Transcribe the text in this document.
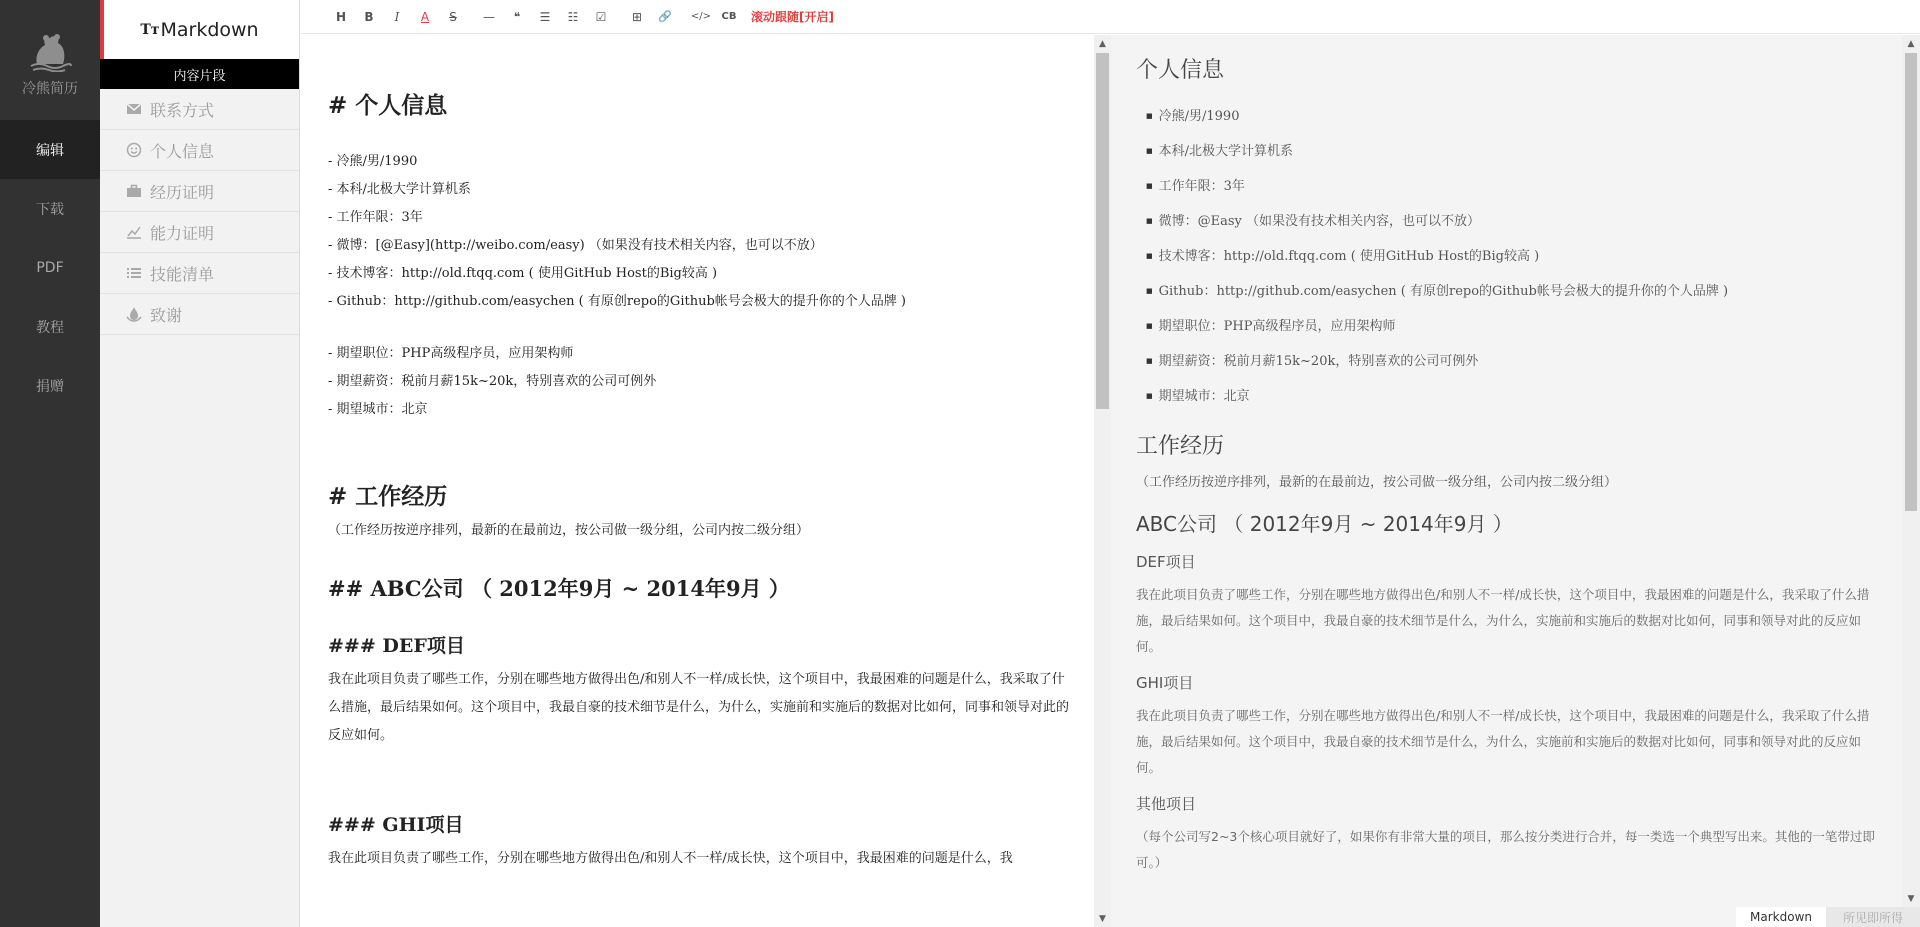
冷熊简历
编辑
下载
PDF
教程
捐赠
Tт Markdown
内容片段
联系方式
个人信息
经历证明
能力证明
技能清单
致谢
H	B	I	A	S	—	❝	☰	☷	☑	⊞	🔗	</>	CB	滚动跟随[开启]
# 个人信息
- 冷熊/男/1990
- 本科/北极大学计算机系
- 工作年限：3年
- 微博：[@Easy](http://weibo.com/easy) （如果没有技术相关内容，也可以不放）
- 技术博客：http://old.ftqq.com ( 使用GitHub Host的Big较高 )
- Github：http://github.com/easychen ( 有原创repo的Github帐号会极大的提升你的个人品牌 )
- 期望职位：PHP高级程序员，应用架构师
- 期望薪资：税前月薪15k~20k，特别喜欢的公司可例外
- 期望城市：北京
# 工作经历
（工作经历按逆序排列，最新的在最前边，按公司做一级分组，公司内按二级分组）
## ABC公司 （ 2012年9月 ~ 2014年9月 ）
### DEF项目
我在此项目负责了哪些工作，分别在哪些地方做得出色/和别人不一样/成长快，这个项目中，我最困难的问题是什么，我采取了什么措施，最后结果如何。这个项目中，我最自豪的技术细节是什么，为什么，实施前和实施后的数据对比如何，同事和领导对此的反应如何。
### GHI项目
我在此项目负责了哪些工作，分别在哪些地方做得出色/和别人不一样/成长快，这个项目中，我最困难的问题是什么，我
▲
▼
个人信息
■ 冷熊/男/1990
■ 本科/北极大学计算机系
■ 工作年限：3年
■ 微博：@Easy （如果没有技术相关内容，也可以不放）
■ 技术博客：http://old.ftqq.com ( 使用GitHub Host的Big较高 )
■ Github：http://github.com/easychen ( 有原创repo的Github帐号会极大的提升你的个人品牌 )
■ 期望职位：PHP高级程序员，应用架构师
■ 期望薪资：税前月薪15k~20k，特别喜欢的公司可例外
■ 期望城市：北京
工作经历
（工作经历按逆序排列，最新的在最前边，按公司做一级分组，公司内按二级分组）
ABC公司 （ 2012年9月 ~ 2014年9月 ）
DEF项目
我在此项目负责了哪些工作，分别在哪些地方做得出色/和别人不一样/成长快，这个项目中，我最困难的问题是什么，我采取了什么措施，最后结果如何。这个项目中，我最自豪的技术细节是什么，为什么，实施前和实施后的数据对比如何，同事和领导对此的反应如何。
GHI项目
我在此项目负责了哪些工作，分别在哪些地方做得出色/和别人不一样/成长快，这个项目中，我最困难的问题是什么，我采取了什么措施，最后结果如何。这个项目中，我最自豪的技术细节是什么，为什么，实施前和实施后的数据对比如何，同事和领导对此的反应如何。
其他项目
（每个公司写2~3个核心项目就好了，如果你有非常大量的项目，那么按分类进行合并，每一类选一个典型写出来。其他的一笔带过即可。）
▲
▼
Markdown	所见即所得
